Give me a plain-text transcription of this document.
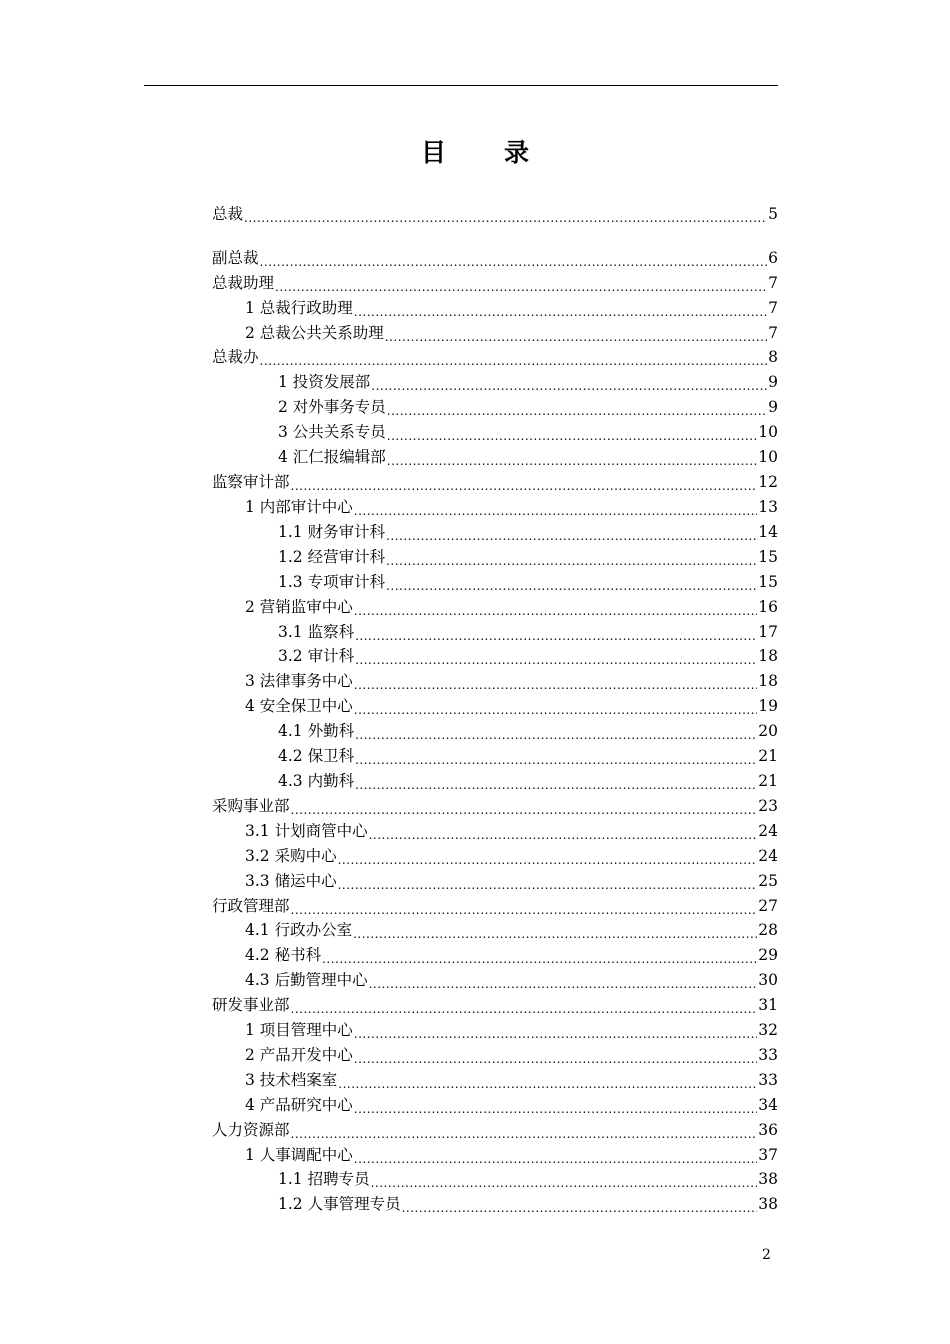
目 录
总裁 .....	5
副总裁 .....	6
总裁助理 .....	7
1 总裁行政助理 .....	7
2 总裁公共关系助理 .....	7
总裁办 .....	8
1 投资发展部 .....	9
2 对外事务专员 .....	9
3 公共关系专员 .....	10
4 汇仁报编辑部 .....	10
监察审计部 .....	12
1 内部审计中心 .....	13
1.1 财务审计科 .....	14
1.2 经营审计科 .....	15
1.3 专项审计科 .....	15
2 营销监审中心 .....	16
3.1 监察科 .....	17
3.2 审计科 .....	18
3 法律事务中心 .....	18
4 安全保卫中心 .....	19
4.1 外勤科 .....	20
4.2 保卫科 .....	21
4.3 内勤科 .....	21
采购事业部 .....	23
3.1 计划商管中心 .....	24
3.2 采购中心 .....	24
3.3 储运中心 .....	25
行政管理部 .....	27
4.1 行政办公室 .....	28
4.2 秘书科 .....	29
4.3 后勤管理中心 .....	30
研发事业部 .....	31
1 项目管理中心 .....	32
2 产品开发中心 .....	33
3 技术档案室 .....	33
4 产品研究中心 .....	34
人力资源部 .....	36
1 人事调配中心 .....	37
1.1 招聘专员 .....	38
1.2 人事管理专员 .....	38
2
